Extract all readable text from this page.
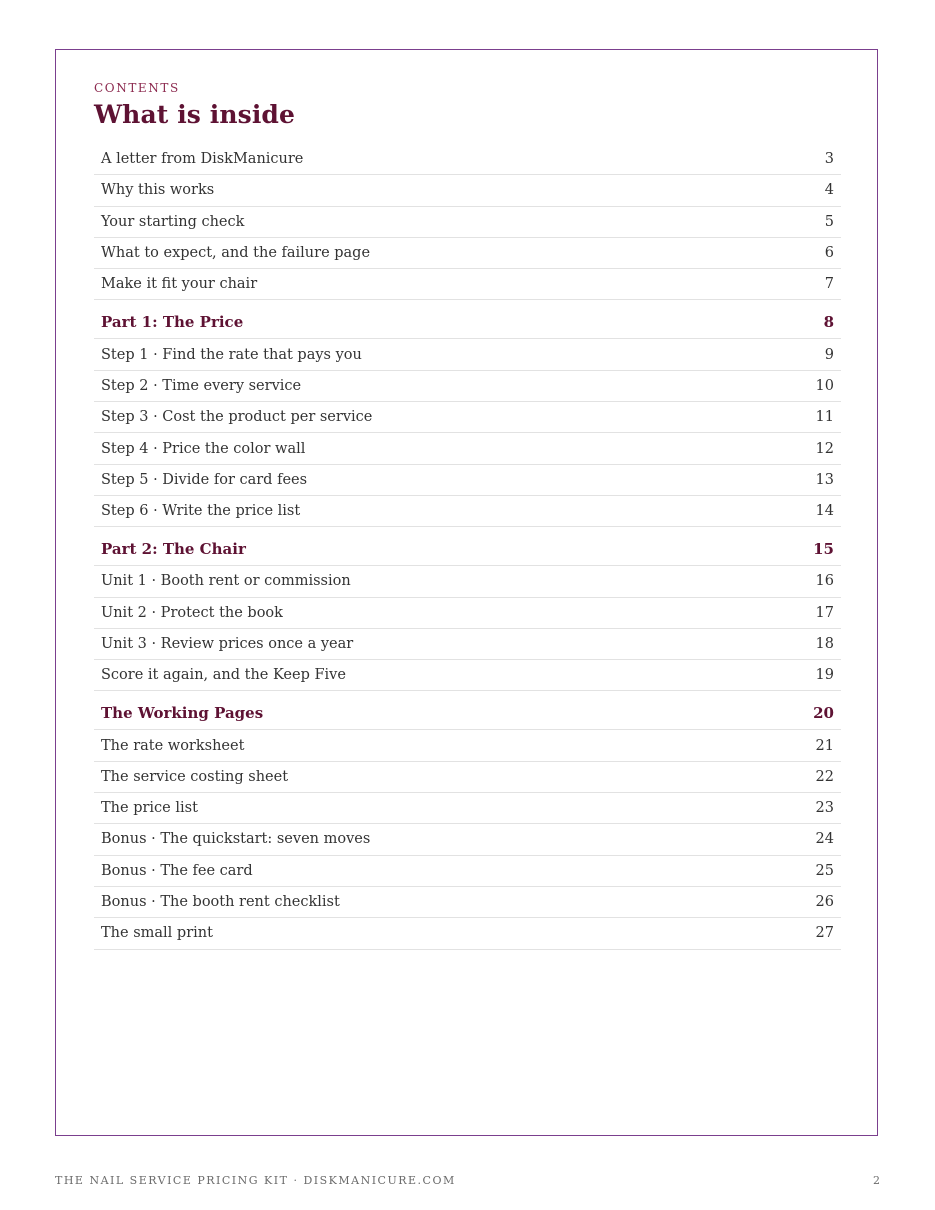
CONTENTS
What is inside
A letter from DiskManicure	3
Why this works	4
Your starting check	5
What to expect, and the failure page	6
Make it fit your chair	7
Part 1: The Price	8
Step 1 · Find the rate that pays you	9
Step 2 · Time every service	10
Step 3 · Cost the product per service	11
Step 4 · Price the color wall	12
Step 5 · Divide for card fees	13
Step 6 · Write the price list	14
Part 2: The Chair	15
Unit 1 · Booth rent or commission	16
Unit 2 · Protect the book	17
Unit 3 · Review prices once a year	18
Score it again, and the Keep Five	19
The Working Pages	20
The rate worksheet	21
The service costing sheet	22
The price list	23
Bonus · The quickstart: seven moves	24
Bonus · The fee card	25
Bonus · The booth rent checklist	26
The small print	27
THE NAIL SERVICE PRICING KIT · DISKMANICURE.COM	2
